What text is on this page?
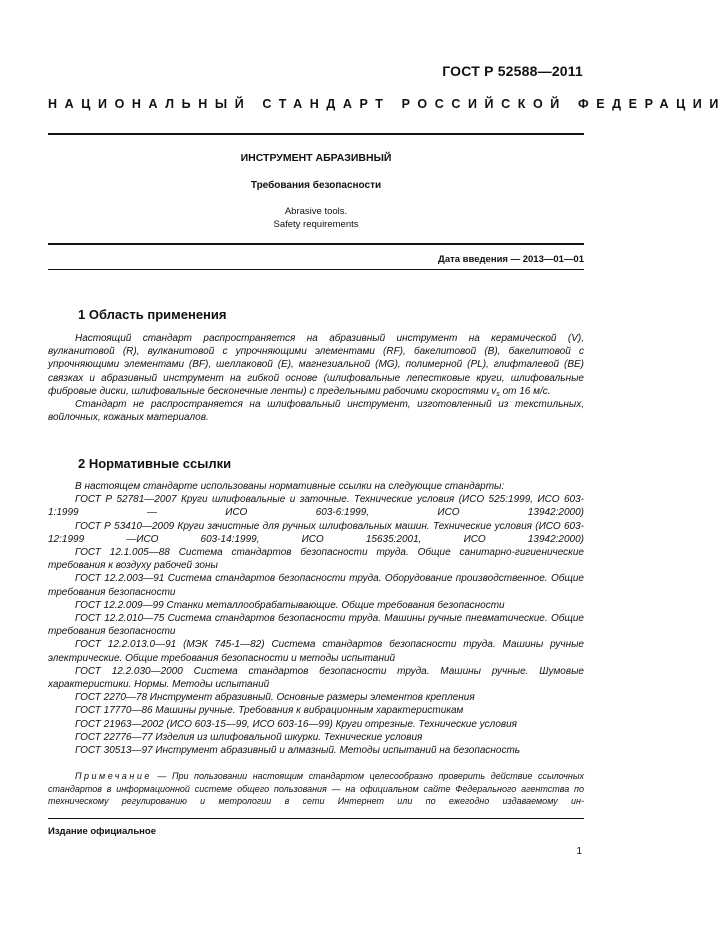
ГОСТ Р 52588—2011
НАЦИОНАЛЬНЫЙ СТАНДАРТ РОССИЙСКОЙ ФЕДЕРАЦИИ
ИНСТРУМЕНТ АБРАЗИВНЫЙ
Требования безопасности
Abrasive tools.
Safety requirements
Дата введения — 2013—01—01
1 Область применения

Настоящий стандарт распространяется на абразивный инструмент на керамической (V), вулканитовой (R), вулканитовой с упрочняющими элементами (RF), бакелитовой (B), бакелитовой с упрочняющими элементами (BF), шеллаковой (E), магнезиальной (MG), полимерной (PL), глифталевой (BE) связках и абразивный инструмент на гибкой основе (шлифовальные лепестковые круги, шлифовальные фибровые диски, шлифовальные бесконечные ленты) с предельными рабочими скоростями $v_s$ от 16 м/с.

Стандарт не распространяется на шлифовальный инструмент, изготовленный из текстильных, войлочных, кожаных материалов.

2 Нормативные ссылки

В настоящем стандарте использованы нормативные ссылки на следующие стандарты:

ГОСТ Р 52781—2007 Круги шлифовальные и заточные. Технические условия (ИСО 525:1999, ИСО 603-1:1999 — ИСО 603-6:1999, ИСО 13942:2000)

ГОСТ Р 53410—2009 Круги зачистные для ручных шлифовальных машин. Технические условия (ИСО 603-12:1999 —ИСО 603-14:1999, ИСО 15635:2001, ИСО 13942:2000)

ГОСТ 12.1.005—88 Система стандартов безопасности труда. Общие санитарно-гигиенические требования к воздуху рабочей зоны

ГОСТ 12.2.003—91 Система стандартов безопасности труда. Оборудование производственное. Общие требования безопасности

ГОСТ 12.2.009—99 Станки металлообрабатывающие. Общие требования безопасности

ГОСТ 12.2.010—75 Система стандартов безопасности труда. Машины ручные пневматические. Общие требования безопасности

ГОСТ 12.2.013.0—91 (МЭК 745-1—82) Система стандартов безопасности труда. Машины ручные электрические. Общие требования безопасности и методы испытаний

ГОСТ 12.2.030—2000 Система стандартов безопасности труда. Машины ручные. Шумовые характеристики. Нормы. Методы испытаний

ГОСТ 2270—78 Инструмент абразивный. Основные размеры элементов крепления

ГОСТ 17770—86 Машины ручные. Требования к вибрационным характеристикам

ГОСТ 21963—2002 (ИСО 603-15—99, ИСО 603-16—99) Круги отрезные. Технические условия

ГОСТ 22776—77 Изделия из шлифовальной шкурки. Технические условия

ГОСТ 30513—97 Инструмент абразивный и алмазный. Методы испытаний на безопасность

Примечание — При пользовании настоящим стандартом целесообразно проверить действие ссылочных стандартов в информационной системе общего пользования — на официальном сайте Федерального агентства по техническому регулированию и метрологии в сети Интернет или по ежегодно издаваемому ин-

Издание официальное
1
